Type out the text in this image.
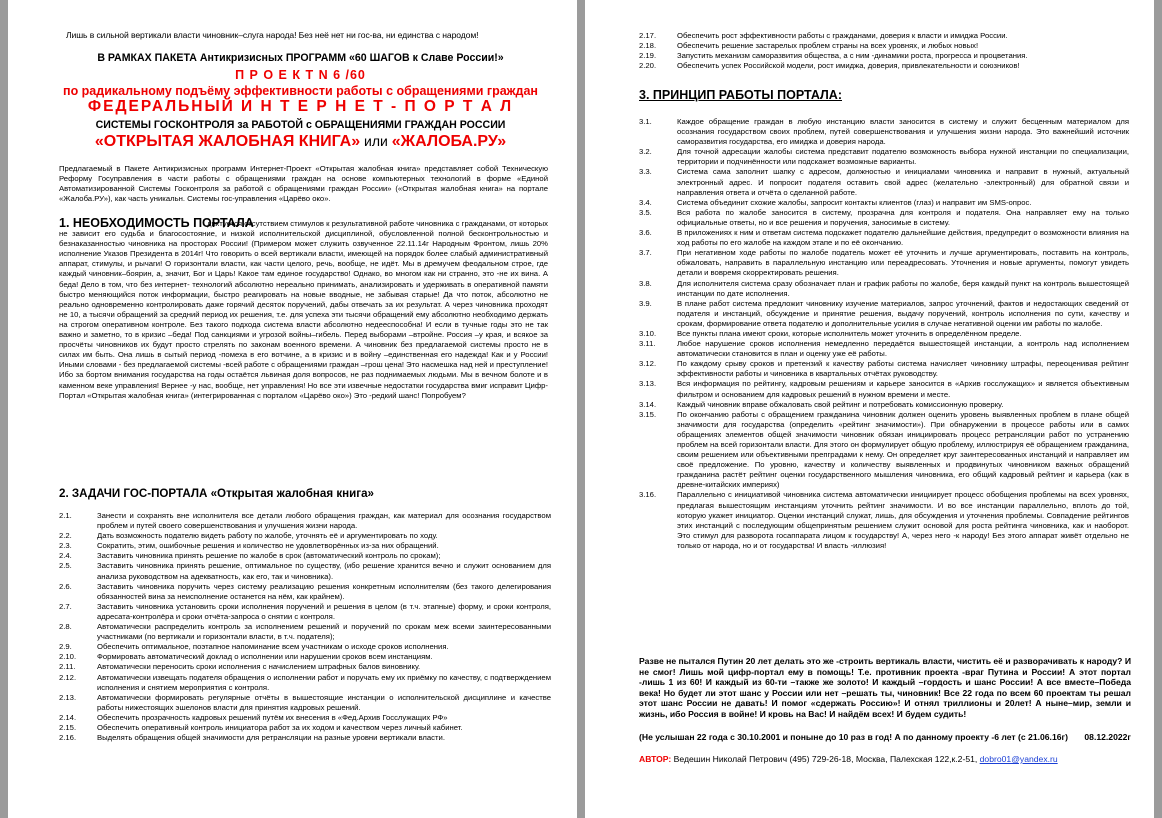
Лишь в сильной вертикали власти чиновник–слуга народа! Без неё нет ни гос-ва, ни единства с народом!
В РАМКАХ ПАКЕТА Антикризисных ПРОГРАММ «60 ШАГОВ к Славе России!»
П Р О Е К Т N 6 /60
по радикальному подъёму эффективности работы с обращениями граждан
ФЕДЕРАЛЬНЫЙ И Н Т Е Р Н Е Т - П О Р Т А Л
СИСТЕМЫ ГОСКОНТРОЛЯ за РАБОТОЙ с ОБРАЩЕНИЯМИ ГРАЖДАН РОССИИ
«ОТКРЫТАЯ ЖАЛОБНАЯ КНИГА» или «ЖАЛОБА.РУ»
Предлагаемый в Пакете Антикризисных программ Интернет-Проект «Открытая жалобная книга» представляет собой Техническую Реформу Госуправления в части работы с обращениями граждан на основе компьютерных технологий в форме «Единой Автоматизированной Системы Госконтроля за работой с обращениями граждан России» («Открытая жалобная книга» на портале «Жалоба.РУ»), как часть уникальн. Системы гос-управления «Царёво око».
1. НЕОБХОДИМОСТЬ ПОРТАЛА
диктуется отсутствием стимулов к результативной работе чиновника с гражданами, от которых не зависит его судьба и благосостояние, и низкой исполнительской дисциплиной, обусловленной полной бесконтрольностью и безнаказанностью чиновника на просторах России! (Примером может служить озвученное 22.11.14г Народным Фронтом, лишь 20% исполнение Указов Президента в 2014г! Что говорить о всей вертикали власти, имеющей на порядок более слабый административный аппарат, стимулы, и рычаги! О горизонтали власти, как части целого, речь, вообще, не идёт. Мы в дремучем феодальном строе, где каждый чиновник–боярин, а, значит, Бог и Царь! Какое там единое государство! Однако, во многом как ни странно, это -не их вина. А беда! Дело в том, что без интернет- технологий абсолютно нереально принимать, анализировать и удерживать в оперативной памяти быстро меняющийся поток информации, быстро реагировать на новые вводные, не забывая старые! Да что поток, абсолютно не реально одновременно контролировать даже горячий десяток поручений, дабы отвечать за их результат. А через чиновника проходят не 10, а тысячи обращений за средний период их решения, т.е. для успеха эти тысячи обращений ему абсолютно необходимо держать на строгом оперативном контроле. Без такого подхода система власти абсолютно недееспособна! И если в тучные годы это не так важно и заметно, то в кризис –беда! Под санкциями и угрозой войны–гибель. Перед выборами –втройне. Россия –у края, и всякое за просчёты чиновников их будут просто стрелять по законам военного времени. А чиновник без предлагаемой системы просто не в силах им быть. Она лишь в сытый период -помеха в его вотчине, а в кризис и в войну –единственная его надежда! Как и у России! Иными словами - без предлагаемой системы -всей работе с обращениями граждан –грош цена! Это насмешка над ней и преступление! Ибо за бортом внимания государства на годы остаётся львиная доля вопросов, не раз поднимаемых людьми. Мы в вечном болоте и в каменном веке управления! Вернее -у нас, вообще, нет управления! Но все эти извечные недостатки государства вмиг исправит Цифр-Портал «Открытая жалобная книга» (интегрированная с порталом «Царёво око») Это -редкий шанс! Попробуем?
2. ЗАДАЧИ ГОС-ПОРТАЛА «Открытая жалобная книга»
2.1.	Занести и сохранять вне исполнителя все детали любого обращения граждан, как материал для осознания государством проблем и путей своего совершенствования и улучшения жизни народа.
2.2.	Дать возможность подателю видеть работу по жалобе, уточнять её и аргументировать по ходу.
2.3.	Сократить, этим, ошибочные решения и количество не удовлетворённых из-за них обращений.
2.4.	Заставить чиновника принять решение по жалобе в срок (автоматический контроль по срокам);
2.5.	Заставить чиновника принять решение, оптимальное по существу, (ибо решение хранится вечно и служит основанием для анализа руководством на адекватность, как его, так и чиновника).
2.6.	Заставить чиновника поручить через систему реализацию решения конкретным исполнителям (без такого делегирования обязанностей вина за неисполнение останется на нём, как крайнем).
2.7.	Заставить чиновника установить сроки исполнения поручений и решения в целом (в т.ч. этапные) форму, и сроки контроля, адресата-контролёра и сроки отчёта-запроса о снятии с контроля.
2.8.	Автоматически распределить контроль за исполнением решений и поручений по срокам меж всеми заинтересованными участниками (по вертикали и горизонтали власти, в т.ч. подателя);
2.9.	Обеспечить оптимальное, поэтапное напоминание всем участникам о исходе сроков исполнения.
2.10.	Формировать автоматический доклад о исполнении или нарушении сроков всем инстанциям.
2.11.	Автоматически переносить сроки исполнения с начислением штрафных балов виновнику.
2.12.	Автоматически извещать подателя обращения о исполнении работ и поручать ему их приёмку по качеству, с подтверждением исполнения и снятием мероприятия с контроля.
2.13.	Автоматически формировать регулярные отчёты в вышестоящие инстанции о исполнительской дисциплине и качестве работы нижестоящих эшелонов власти для принятия кадровых решений.
2.14.	Обеспечить прозрачность кадровых решений путём их внесения в «Фед.Архив Госслужащих РФ»
2.15.	Обеспечить оперативный контроль инициатора работ за их ходом и качеством через личный кабинет.
2.16.	Выделять обращения общей значимости для ретрансляции на разные уровни вертикали власти.
2.17.	Обеспечить рост эффективности работы с гражданами, доверия к власти и имиджа России.
2.18.	Обеспечить решение застарелых проблем страны на всех уровнях, и любых новых!
2.19.	Запустить механизм саморазвития общества, а с ним -динамики роста, прогресса и процветания.
2.20.	Обеспечить успех Российской модели, рост имиджа, доверия, привлекательности и союзников!
3. ПРИНЦИП РАБОТЫ ПОРТАЛА:
3.1.	Каждое обращение граждан в любую инстанцию власти заносится в систему и служит бесценным материалом для осознания государством своих проблем, путей совершенствования и улучшения жизни народа. Это важнейший источник саморазвития государства, его имиджа и доверия народа.
3.2.	Для точной адресации жалобы система представит подателю возможность выбора нужной инстанции по специализации, территории и подчинённости или подскажет возможные варианты.
3.3.	Система сама заполнит шапку с адресом, должностью и инициалами чиновника и направит в нужный, актуальный электронный адрес. И попросит подателя оставить свой адрес (желательно -электронный) для обратной связи и направления ответа и отчёта о сделанной работе.
3.4.	Система объединит схожие жалобы, запросит контакты клиентов (глаз) и направит им SMS-опрос.
3.5.	Вся работа по жалобе заносится в систему, прозрачна для контроля и подателя. Она направляет ему на только официальные ответы, но и все решения и поручения, заносимые в систему.
3.6.	В приложениях к ним и ответам система подскажет подателю дальнейшие действия, предупредит о возможности влияния на ход работы по его жалобе на каждом этапе и по её окончанию.
3.7.	При негативном ходе работы по жалобе податель может её уточнить и лучше аргументировать, поставить на контроль, обжаловать, направить в параллельную инстанцию или переадресовать. Уточнения и новые аргументы, помогут увидеть детали и вовремя скорректировать решения.
3.8.	Для исполнителя система сразу обозначает план и график работы по жалобе, беря каждый пункт на контроль вышестоящей инстанции по дате исполнения.
3.9.	В плане работ система предложит чиновнику изучение материалов, запрос уточнений, фактов и недостающих сведений от подателя и инстанций, обсуждение и принятие решения, выдачу поручений, контроль исполнения по сути, качеству и срокам, формирование ответа подателю и дополнительные усилия в случае негативной оценки им работы по жалобе.
3.10.	Все пункты плана имеют сроки, которые исполнитель может уточнить в определённом пределе.
3.11.	Любое нарушение сроков исполнения немедленно передаётся вышестоящей инстанции, а контроль над исполнением автоматически становится в план и оценку уже её работы.
3.12.	По каждому срыву сроков и претензий к качеству работы система начисляет чиновнику штрафы, переоценивая рейтинг эффективности работы и чиновника в квартальных отчётах руководству.
3.13.	Вся информация по рейтингу, кадровым решениям и карьере заносится в «Архив госслужащих» и является объективным фильтром и основанием для кадровых решений в нужном времени и месте.
3.14.	Каждый чиновник вправе обжаловать свой рейтинг и потребовать комиссионную проверку.
3.15.	По окончанию работы с обращением гражданина чиновник должен оценить уровень выявленных проблем в плане общей значимости для государства (определить «рейтинг значимости»). При обнаружении в процессе работы или в самих обращениях элементов общей значимости чиновник обязан инициировать процесс ретрансляции работ по устранению проблем на всей горизонтали власти. Для этого он формулирует общую проблему, иллюстрируя её обращением гражданина, своим решением или объективными препградами к нему. Он определяет круг заинтересованных инстанций и направляет им своё предложение. По уровню, качеству и количеству выявленных и продвинутых чиновником важных обращений гражданина растёт рейтинг оценки государственного мышления чиновника, его общий кадровый рейтинг и карьера (как в древне-китайских империях)
3.16.	Параллельно с инициативой чиновника система автоматически инициирует процесс обобщения проблемы на всех уровнях, предлагая вышестоящим инстанциям уточнить рейтинг значимости. И во все инстанции параллельно, вплоть до той, которую укажет инициатор. Оценки инстанций служат, лишь, для обсуждения и уточнения проблемы. Совпадение рейтингов этих инстанций с последующим общепринятым решением служит основой для роста рейтинга чиновника, как и наоборот. Это стимул для разворота госаппарата лицом к государству! А, через него -к народу! Без этого аппарат живёт отдельно не только от народа, но и от государства! И власть -иллюзия!
Разве не пытался Путин 20 лет делать это же -строить вертикаль власти, чистить её и разворачивать к народу? И не смог! Лишь мой цифр-портал ему в помощь! Т.е. противник проекта -враг Путина и России! А этот портал -лишь 1 из 60! И каждый из 60-ти –также же золото! И каждый –гордость и шанс России! А все вместе–Победа века! Но будет ли этот шанс у России или нет –решать ты, чиновник! Все 22 года по всем 60 проектам ты решал этот шанс России не давать! И помог «сдержать Россию»! И отнял триллионы и 20лет! А ныне–мир, земли и жизнь, ибо Россия в войне! И кровь на Вас! И найдём всех! И будем судить!
08.12.2022г
(Не услышан 22 года с 30.10.2001 и поныне до 10 раз в год! А по данному проекту -6 лет (с 21.06.16г)
АВТОР: Ведешин Николай Петрович (495) 729-26-18, Москва, Палехская 122,к.2-51, dobro01@yandex.ru
